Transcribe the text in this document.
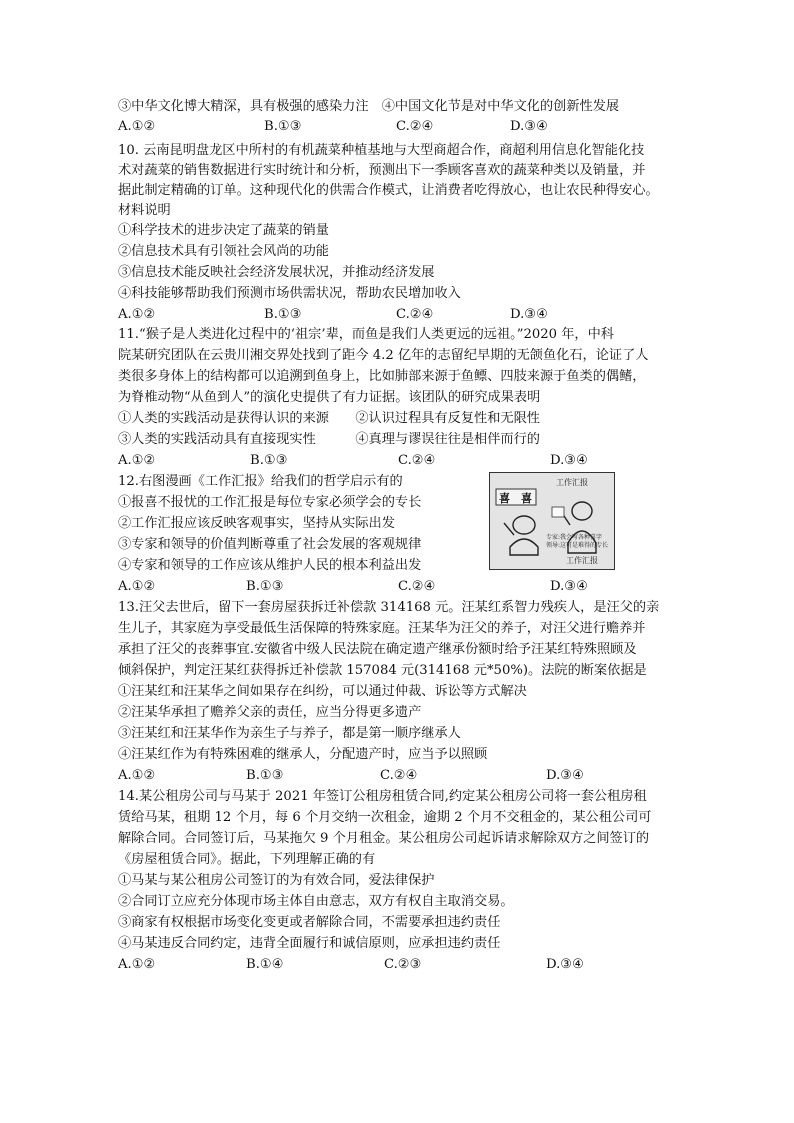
③中华文化博大精深，具有极强的感染力注　④中国文化节是对中华文化的创新性发展
A.①②	B.①③	C.②④	D.③④
10. 云南昆明盘龙区中所村的有机蔬菜种植基地与大型商超合作，商超利用信息化智能化技
术对蔬菜的销售数据进行实时统计和分析，预测出下一季顾客喜欢的蔬菜种类以及销量，并
据此制定精确的订单。这种现代化的供需合作模式，让消费者吃得放心，也让农民种得安心。
材料说明
①科学技术的进步决定了蔬菜的销量
②信息技术具有引领社会风尚的功能
③信息技术能反映社会经济发展状况，并推动经济发展
④科技能够帮助我们预测市场供需状况，帮助农民增加收入
A.①②	B.①③	C.②④	D.③④
11.“猴子是人类进化过程中的‘祖宗’辈，而鱼是我们人类更远的远祖。”2020 年，中科
院某研究团队在云贵川湘交界处找到了距今 4.2 亿年的志留纪早期的无颌鱼化石，论证了人
类很多身体上的结构都可以追溯到鱼身上，比如肺部来源于鱼鳔、四肢来源于鱼类的偶鳍，
为脊椎动物“从鱼到人”的演化史提供了有力证据。该团队的研究成果表明
①人类的实践活动是获得认识的来源　　②认识过程具有反复性和无限性
③人类的实践活动具有直接现实性　　　④真理与谬误往往是相伴而行的
A.①②	B.①③	C.②④	D.③④
12.右图漫画《工作汇报》给我们的哲学启示有的
①报喜不报忧的工作汇报是每位专家必须学会的专长
②工作汇报应该反映客观事实，坚持从实际出发
③专家和领导的价值判断尊重了社会发展的客观规律
④专家和领导的工作应该从维护人民的根本利益出发
A.①②	B.①③	C.②④	D.③④
工作汇报
喜　喜
专家:我会写各种喜字
领导:这可是难得的专长
工作汇报
13.汪父去世后，留下一套房屋获拆迁补偿款 314168 元。汪某红系智力残疾人，是汪父的亲
生儿子，其家庭为享受最低生活保障的特殊家庭。汪某华为汪父的养子，对汪父进行赡养并
承担了汪父的丧葬事宜.安徽省中级人民法院在确定遗产继承份额时给予汪某红特殊照顾及
倾斜保护，判定汪某红获得拆迁补偿款 157084 元(314168 元*50%)。法院的断案依据是
①汪某红和汪某华之间如果存在纠纷，可以通过仲裁、诉讼等方式解决
②汪某华承担了赡养父亲的责任，应当分得更多遗产
③汪某红和汪某华作为亲生子与养子，都是第一顺序继承人
④汪某红作为有特殊困难的继承人，分配遗产时，应当予以照顾
A.①②	B.①③	C.②④	D.③④
14.某公租房公司与马某于 2021 年签订公租房租赁合同,约定某公租房公司将一套公租房租
赁给马某，租期 12 个月，每 6 个月交纳一次租金，逾期 2 个月不交租金的，某公租公司可
解除合同。合同签订后，马某拖欠 9 个月租金。某公租房公司起诉请求解除双方之间签订的
《房屋租赁合同》。据此，下列理解正确的有
①马某与某公租房公司签订的为有效合同，爱法律保护
②合同订立应充分体现市场主体自由意志，双方有权自主取消交易。
③商家有权根据市场变化变更或者解除合同，不需要承担违约责任
④马某违反合同约定，违背全面履行和诚信原则，应承担违约责任
A.①②	B.①④	C.②③	D.③④
